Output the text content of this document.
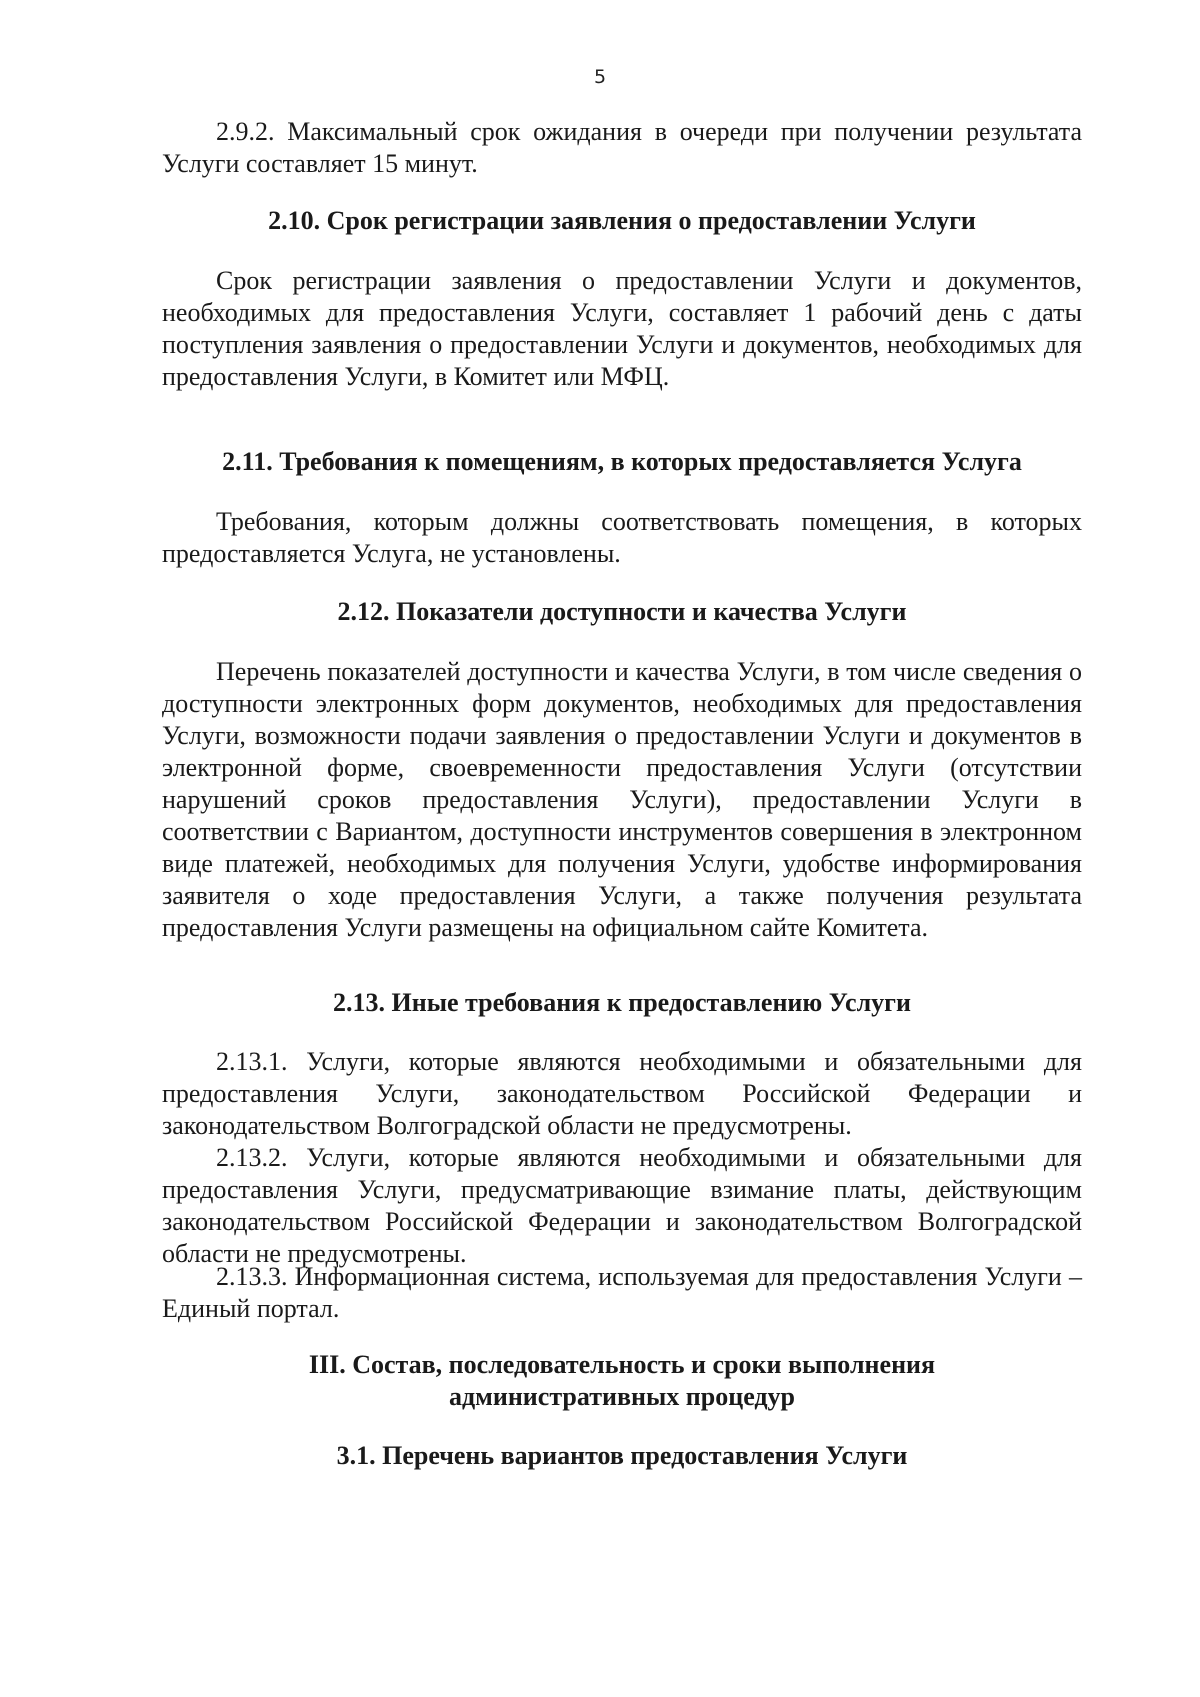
5
2.9.2. Максимальный срок ожидания в очереди при получении результата Услуги составляет 15 минут.
2.10. Срок регистрации заявления о предоставлении Услуги
Срок регистрации заявления о предоставлении Услуги и документов, необходимых для предоставления Услуги, составляет 1 рабочий день с даты поступления заявления о предоставлении Услуги и документов, необходимых для предоставления Услуги, в Комитет или МФЦ.
2.11. Требования к помещениям, в которых предоставляется Услуга
Требования, которым должны соответствовать помещения, в которых предоставляется Услуга, не установлены.
2.12. Показатели доступности и качества Услуги
Перечень показателей доступности и качества Услуги, в том числе сведения о доступности электронных форм документов, необходимых для предоставления Услуги, возможности подачи заявления о предоставлении Услуги и документов в электронной форме, своевременности предоставления Услуги (отсутствии нарушений сроков предоставления Услуги), предоставлении Услуги в соответствии с Вариантом, доступности инструментов совершения в электронном виде платежей, необходимых для получения Услуги, удобстве информирования заявителя о ходе предоставления Услуги, а также получения результата предоставления Услуги размещены на официальном сайте Комитета.
2.13. Иные требования к предоставлению Услуги
2.13.1. Услуги, которые являются необходимыми и обязательными для предоставления Услуги, законодательством Российской Федерации и законодательством Волгоградской области не предусмотрены.
2.13.2. Услуги, которые являются необходимыми и обязательными для предоставления Услуги, предусматривающие взимание платы, действующим законодательством Российской Федерации и законодательством Волгоградской области не предусмотрены.
2.13.3. Информационная система, используемая для предоставления Услуги – Единый портал.
III. Состав, последовательность и сроки выполнения
административных процедур
3.1. Перечень вариантов предоставления Услуги
